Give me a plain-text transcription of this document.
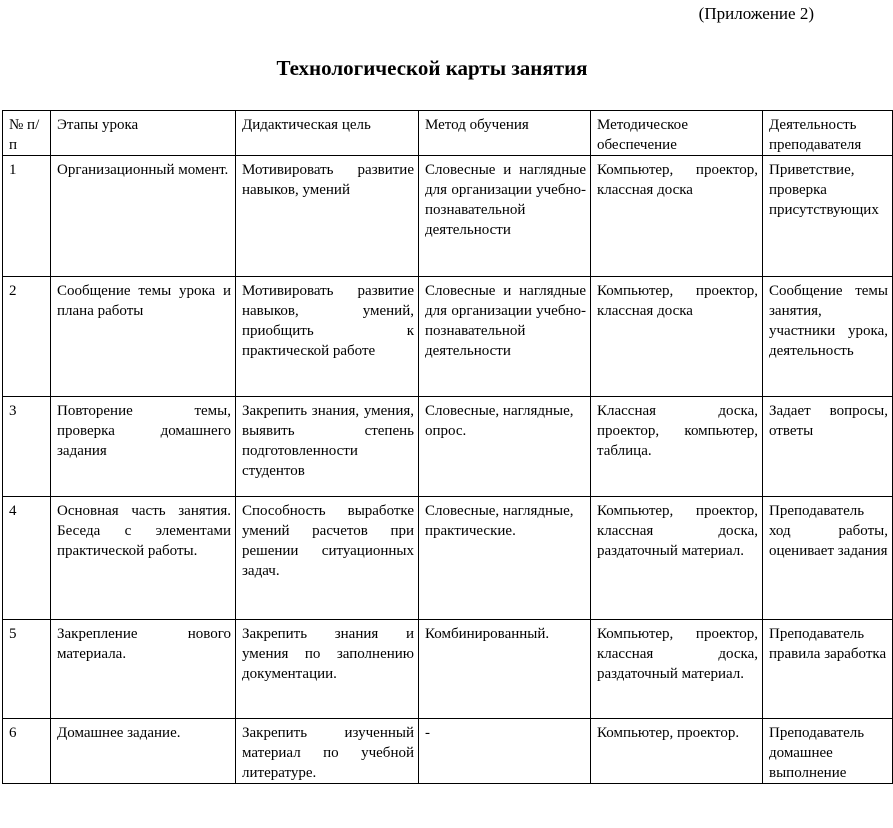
(Приложение 2)
Технологической карты занятия
№ п/п	Этапы урока	Дидактическая цель	Метод обучения	Методическое обеспечение	Деятельность преподавателя
1	Организационный момент.	Мотивировать развитие навыков, умений	Словесные и наглядные для организации учебно-познавательной деятельности	Компьютер, проектор, классная доска	Приветствие, проверка присутствующих
2	Сообщение темы урока и плана работы	Мотивировать развитие навыков, умений, приобщить к практической работе	Словесные и наглядные для организации учебно-познавательной деятельности	Компьютер, проектор, классная доска	Сообщение темы занятия, участники урока, деятельность
3	Повторение темы, проверка домашнего задания	Закрепить знания, умения, выявить степень подготовленности студентов	Словесные, наглядные, опрос.	Классная доска, проектор, компьютер, таблица.	Задает вопросы, ответы
4	Основная часть занятия. Беседа с элементами практической работы.	Способность выработке умений расчетов при решении ситуационных задач.	Словесные, наглядные, практические.	Компьютер, проектор, классная доска, раздаточный материал.	Преподаватель ход работы, оценивает задания
5	Закрепление нового материала.	Закрепить знания и умения по заполнению документации.	Комбинированный.	Компьютер, проектор, классная доска, раздаточный материал.	Преподаватель правила заработка
6	Домашнее задание.	Закрепить изученный материал по учебной литературе.	-	Компьютер, проектор.	Преподаватель домашнее выполнение
